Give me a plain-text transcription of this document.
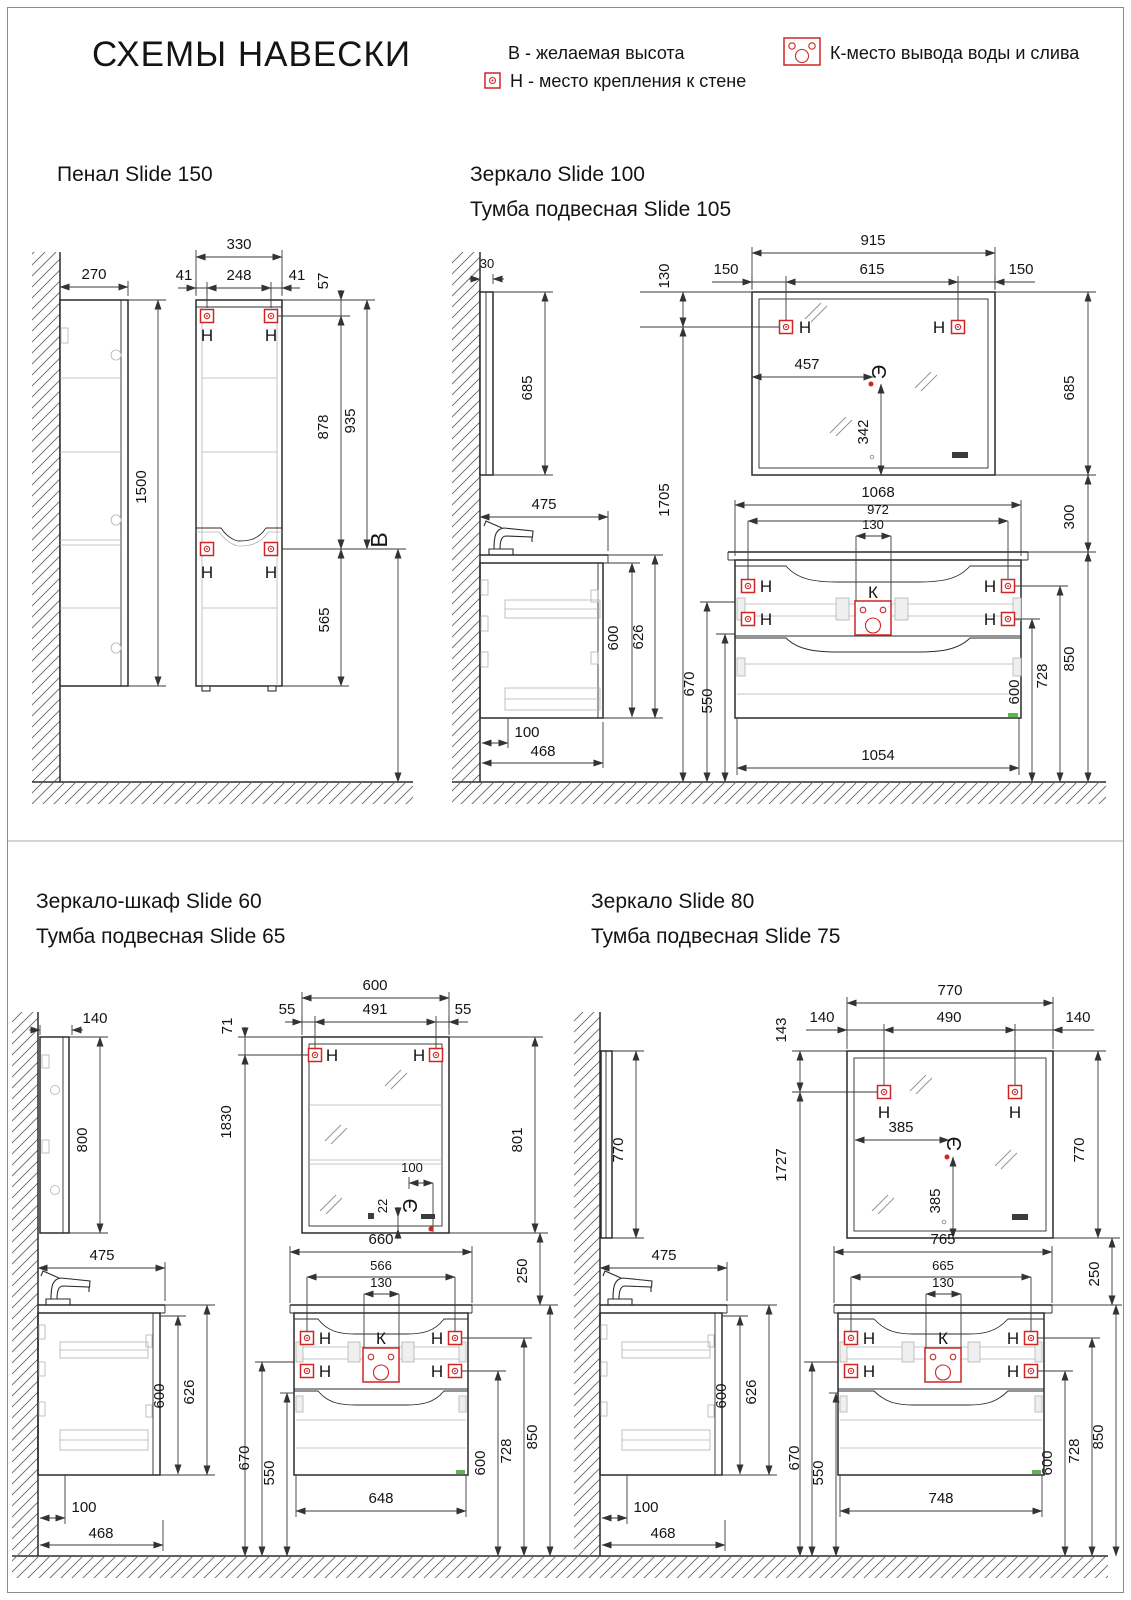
СХЕМЫ НАВЕСКИ	В - желаемая высота
Н - место крепления к стене
К-место вывода воды и слива
Пенал Slide 150
Н	Н
Н	Н
270
330
41 248 41 57
878 935
1500
565
В
Зеркало Slide 100
Тумба подвесная Slide 105
30
685
Н	Н
915
150	615	150
130
1705
457 Э
342
685
300
475
600 626
100
468
К
Н	Н
Н	Н
1068
972
130
670
550
1054
600
728
850
Зеркало-шкаф Slide 60
Тумба подвесная Slide 65
140
800
Н	Н
600
55	491	55
71
1830
801
100
22 Э
475
600 626
100
468
К
Н	Н
Н	Н
660
566
130	250
670
550
648
600 728
850
Зеркало Slide 80
Тумба подвесная Slide 75
770
Н	Н
770
140	490	140
143
1727
385
Э
385
770
475
600 626
100
468
К
Н	Н
Н	Н
765
665
130	250
670
550
748
600 728
850
